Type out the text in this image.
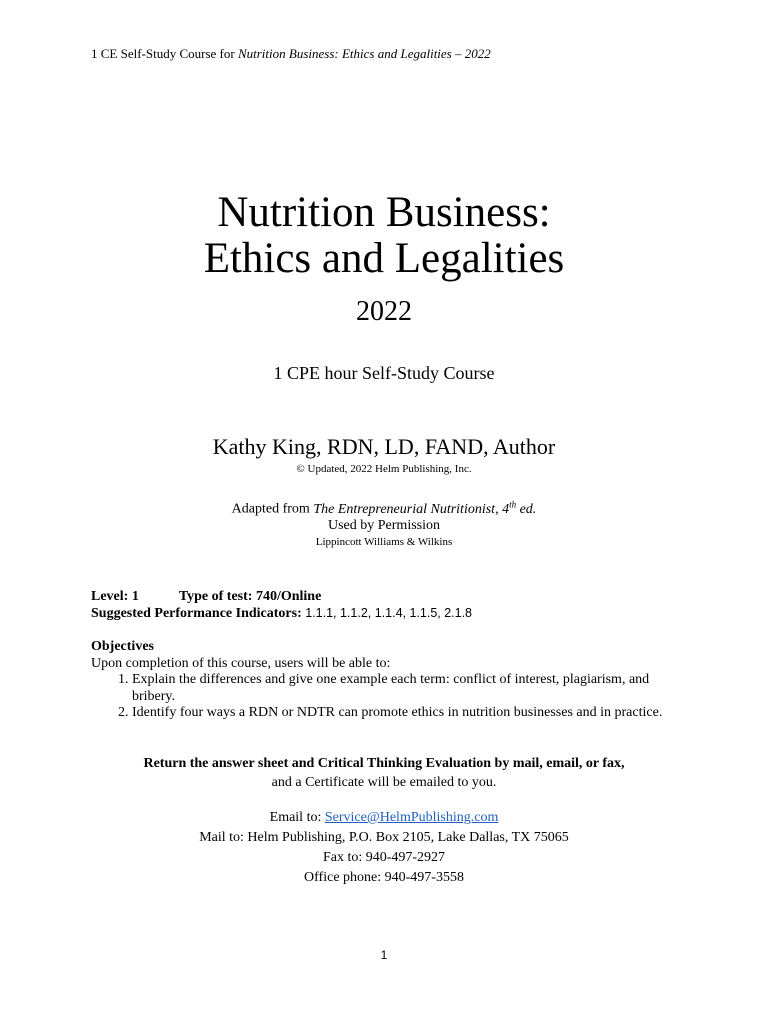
1 CE Self-Study Course for Nutrition Business: Ethics and Legalities – 2022
Nutrition Business:
Ethics and Legalities
2022
1 CPE hour Self-Study Course
Kathy King, RDN, LD, FAND, Author
© Updated, 2022 Helm Publishing, Inc.
Adapted from The Entrepreneurial Nutritionist, 4th ed.
Used by Permission
Lippincott Williams & Wilkins
Level: 1	Type of test: 740/Online
Suggested Performance Indicators: 1.1.1, 1.1.2, 1.1.4, 1.1.5, 2.1.8
Objectives
Upon completion of this course, users will be able to:
1. Explain the differences and give one example each term: conflict of interest, plagiarism, and bribery.
2. Identify four ways a RDN or NDTR can promote ethics in nutrition businesses and in practice.
Return the answer sheet and Critical Thinking Evaluation by mail, email, or fax,
and a Certificate will be emailed to you.
Email to: Service@HelmPublishing.com
Mail to: Helm Publishing, P.O. Box 2105, Lake Dallas, TX 75065
Fax to: 940-497-2927
Office phone: 940-497-3558
1
